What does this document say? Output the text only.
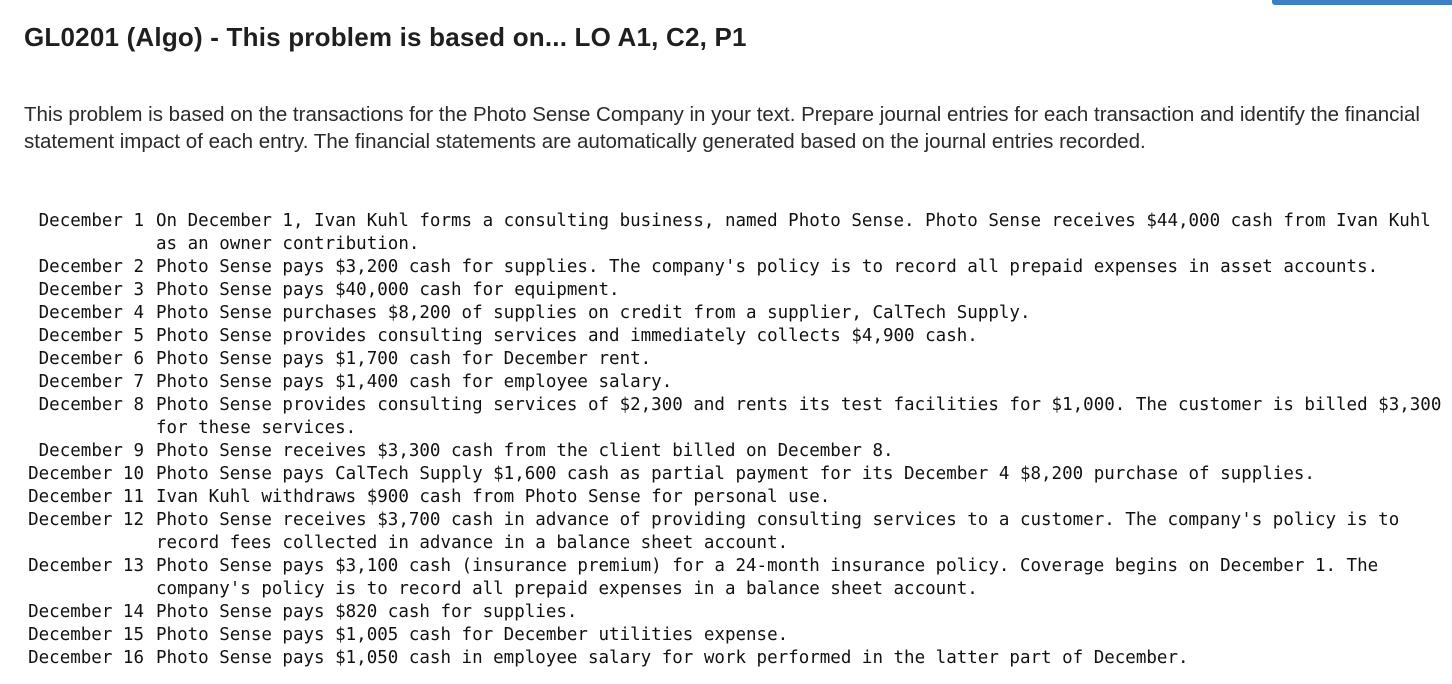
GL0201 (Algo) - This problem is based on... LO A1, C2, P1

This problem is based on the transactions for the Photo Sense Company in your text. Prepare journal entries for each transaction and identify the financial statement impact of each entry. The financial statements are automatically generated based on the journal entries recorded.

December 1	On December 1, Ivan Kuhl forms a consulting business, named Photo Sense. Photo Sense receives $44,000 cash from Ivan Kuhl as an owner contribution.
December 2	Photo Sense pays $3,200 cash for supplies. The company's policy is to record all prepaid expenses in asset accounts.
December 3	Photo Sense pays $40,000 cash for equipment.
December 4	Photo Sense purchases $8,200 of supplies on credit from a supplier, CalTech Supply.
December 5	Photo Sense provides consulting services and immediately collects $4,900 cash.
December 6	Photo Sense pays $1,700 cash for December rent.
December 7	Photo Sense pays $1,400 cash for employee salary.
December 8	Photo Sense provides consulting services of $2,300 and rents its test facilities for $1,000. The customer is billed $3,300 for these services.
December 9	Photo Sense receives $3,300 cash from the client billed on December 8.
December 10	Photo Sense pays CalTech Supply $1,600 cash as partial payment for its December 4 $8,200 purchase of supplies.
December 11	Ivan Kuhl withdraws $900 cash from Photo Sense for personal use.
December 12	Photo Sense receives $3,700 cash in advance of providing consulting services to a customer. The company's policy is to record fees collected in advance in a balance sheet account.
December 13	Photo Sense pays $3,100 cash (insurance premium) for a 24-month insurance policy. Coverage begins on December 1. The company's policy is to record all prepaid expenses in a balance sheet account.
December 14	Photo Sense pays $820 cash for supplies.
December 15	Photo Sense pays $1,005 cash for December utilities expense.
December 16	Photo Sense pays $1,050 cash in employee salary for work performed in the latter part of December.
